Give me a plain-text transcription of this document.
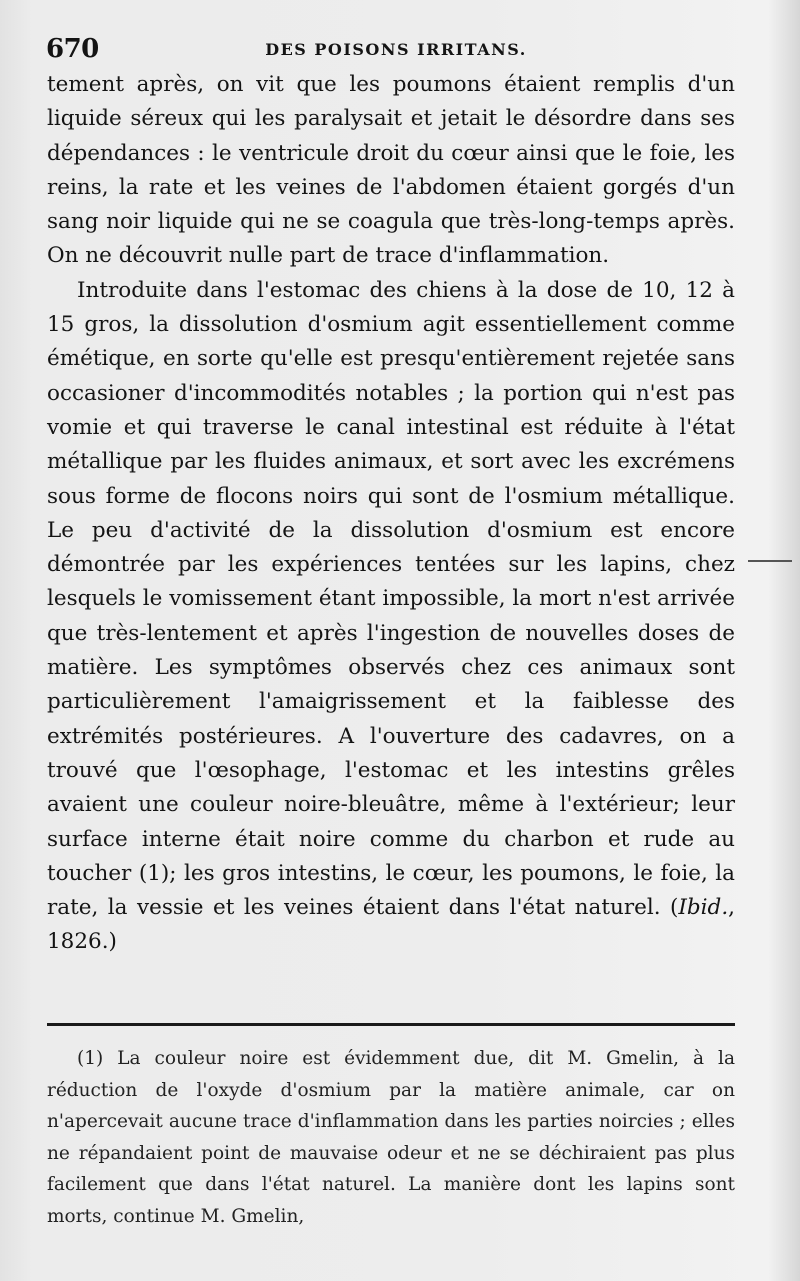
670	DES POISONS IRRITANS.

tement après, on vit que les poumons étaient remplis d'un liquide séreux qui les paralysait et jetait le désordre dans ses dépendances : le ventricule droit du cœur ainsi que le foie, les reins, la rate et les veines de l'abdomen étaient gorgés d'un sang noir liquide qui ne se coagula que très-long-temps après. On ne découvrit nulle part de trace d'inflammation.

Introduite dans l'estomac des chiens à la dose de 10, 12 à 15 gros, la dissolution d'osmium agit essentiellement comme émétique, en sorte qu'elle est presqu'entièrement rejetée sans occasioner d'incommodités notables ; la portion qui n'est pas vomie et qui traverse le canal intestinal est réduite à l'état métallique par les fluides animaux, et sort avec les excrémens sous forme de flocons noirs qui sont de l'osmium métallique. Le peu d'activité de la dissolution d'osmium est encore démontrée par les expériences tentées sur les lapins, chez lesquels le vomissement étant impossible, la mort n'est arrivée que très-lentement et après l'ingestion de nouvelles doses de matière. Les symptômes observés chez ces animaux sont particulièrement l'amaigrissement et la faiblesse des extrémités postérieures. A l'ouverture des cadavres, on a trouvé que l'œsophage, l'estomac et les intestins grêles avaient une couleur noire-bleuâtre, même à l'extérieur; leur surface interne était noire comme du charbon et rude au toucher (1); les gros intestins, le cœur, les poumons, le foie, la rate, la vessie et les veines étaient dans l'état naturel. (Ibid., 1826.)

(1) La couleur noire est évidemment due, dit M. Gmelin, à la réduction de l'oxyde d'osmium par la matière animale, car on n'apercevait aucune trace d'inflammation dans les parties noircies ; elles ne répandaient point de mauvaise odeur et ne se déchiraient pas plus facilement que dans l'état naturel. La manière dont les lapins sont morts, continue M. Gmelin,
